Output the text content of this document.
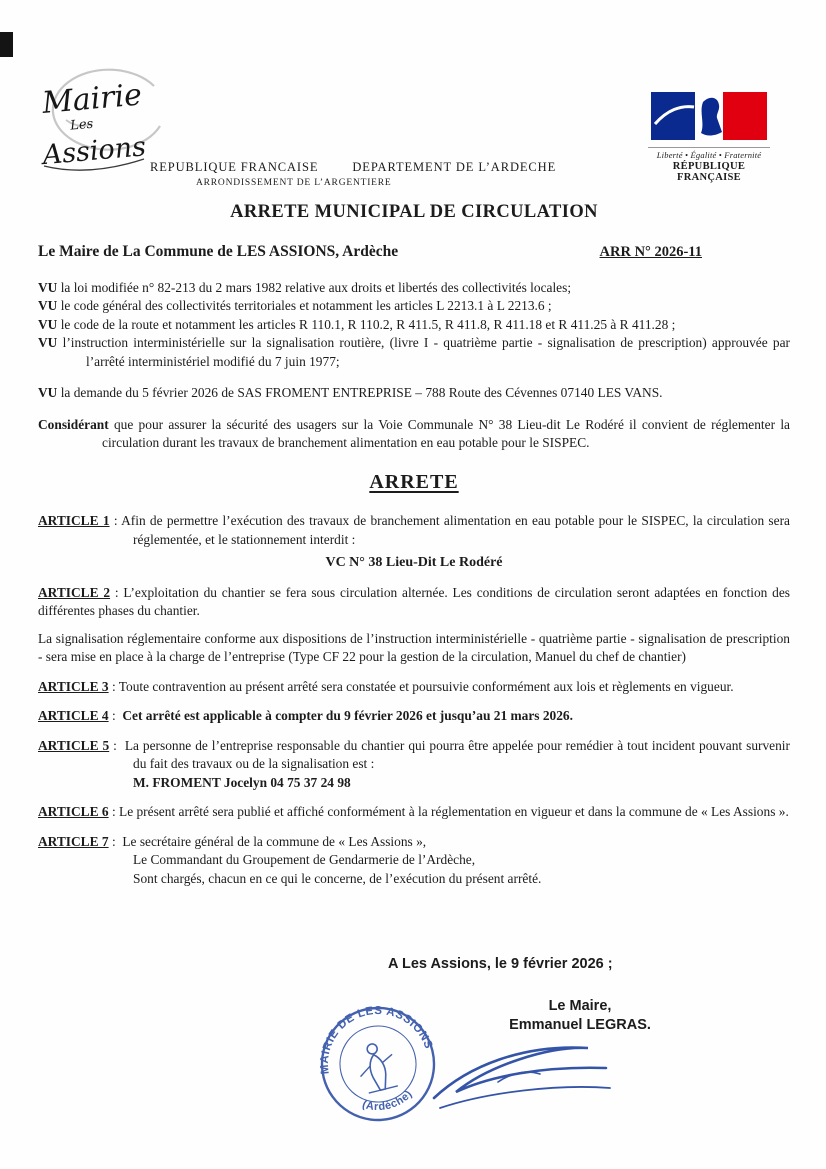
Mairie
Les
Assions REPUBLIQUE FRANCAISE	DEPARTEMENT DE L’ARDECHE
ARRONDISSEMENT DE L’ARGENTIERE
Liberté • Égalité • Fraternité
RÉPUBLIQUE FRANÇAISE
ARRETE MUNICIPAL DE CIRCULATION
Le Maire de La Commune de LES ASSIONS, Ardèche	ARR N° 2026-11

VU la loi modifiée n° 82-213 du 2 mars 1982 relative aux droits et libertés des collectivités locales;

VU le code général des collectivités territoriales et notamment les articles L 2213.1 à L 2213.6 ;

VU le code de la route et notamment les articles R 110.1, R 110.2, R 411.5, R 411.8, R 411.18 et R 411.25 à R 411.28 ;

VU l’instruction interministérielle sur la signalisation routière, (livre I - quatrième partie - signalisation de prescription) approuvée par l’arrêté interministériel modifié du 7 juin 1977;

VU la demande du 5 février 2026 de SAS FROMENT ENTREPRISE – 788 Route des Cévennes 07140 LES VANS.

Considérant que pour assurer la sécurité des usagers sur la Voie Communale N° 38 Lieu-dit Le Rodéré il convient de réglementer la circulation durant les travaux de branchement alimentation en eau potable pour le SISPEC.

ARRETE

ARTICLE 1 : Afin de permettre l’exécution des travaux de branchement alimentation en eau potable pour le SISPEC, la circulation sera réglementée, et le stationnement interdit :

VC N° 38 Lieu-Dit Le Rodéré

ARTICLE 2 : L’exploitation du chantier se fera sous circulation alternée. Les conditions de circulation seront adaptées en fonction des différentes phases du chantier.

La signalisation réglementaire conforme aux dispositions de l’instruction interministérielle - quatrième partie - signalisation de prescription - sera mise en place à la charge de l’entreprise (Type CF 22 pour la gestion de la circulation, Manuel du chef de chantier)

ARTICLE 3 : Toute contravention au présent arrêté sera constatée et poursuivie conformément aux lois et règlements en vigueur.

ARTICLE 4 :  Cet arrêté est applicable à compter du 9 février 2026 et jusqu’au 21 mars 2026.

ARTICLE 5 :  La personne de l’entreprise responsable du chantier qui pourra être appelée pour remédier à tout incident pouvant survenir du fait des travaux ou de la signalisation est :

M. FROMENT Jocelyn 04 75 37 24 98

ARTICLE 6 : Le présent arrêté sera publié et affiché conformément à la réglementation en vigueur et dans la commune de « Les Assions ».

ARTICLE 7 :  Le secrétaire général de la commune de « Les Assions »,

Le Commandant du Groupement de Gendarmerie de l’Ardèche,
Sont chargés, chacun en ce qui le concerne, de l’exécution du présent arrêté.
A Les Assions, le 9 février 2026 ;
Le Maire,
Emmanuel LEGRAS.
MAIRIE DE LES ASSIONS
(Ardèche)
